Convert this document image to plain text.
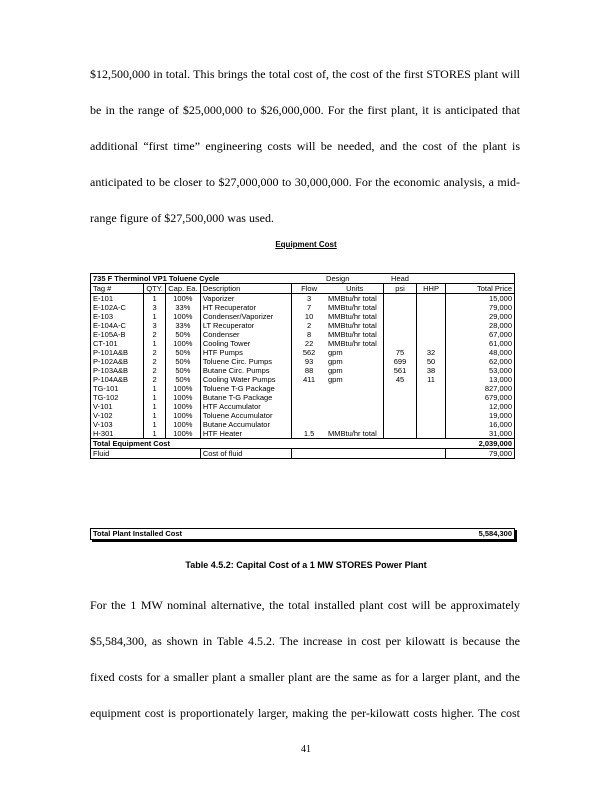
$12,500,000 in total. This brings the total cost of, the cost of the first STORES plant will
be in the range of $25,000,000 to $26,000,000. For the first plant, it is anticipated that
additional “first time” engineering costs will be needed, and the cost of the plant is
anticipated to be closer to $27,000,000 to 30,000,000. For the economic analysis, a mid-
range figure of $27,500,000 was used.
Equipment Cost
735 F Therminol VP1 Toluene Cycle				Design		Head		
Tag #	QTY.	Cap. Ea.	Description	Flow	Units	psi	HHP	Total Price
E-101	1	100%	Vaporizer	3	MMBtu/hr total			15,000
E-102A-C	3	33%	HT Recuperator	7	MMBtu/hr total			79,000
E-103	1	100%	Condenser/Vaporizer	10	MMBtu/hr total			29,000
E-104A-C	3	33%	LT Recuperator	2	MMBtu/hr total			28,000
E-105A-B	2	50%	Condenser	8	MMBtu/hr total			67,000
CT-101	1	100%	Cooling Tower	22	MMBtu/hr total			61,000
P-101A&B	2	50%	HTF Pumps	562	gpm	75	32	48,000
P-102A&B	2	50%	Toluene Circ. Pumps	93	gpm	699	50	62,000
P-103A&B	2	50%	Butane Circ. Pumps	88	gpm	561	38	53,000
P-104A&B	2	50%	Cooling Water Pumps	411	gpm	45	11	13,000
TG-101	1	100%	Toluene T-G Package					827,000
TG-102	1	100%	Butane T-G Package					679,000
V-101	1	100%	HTF Accumulator					12,000
V-102	1	100%	Toluene Accumulator					19,000
V-103	1	100%	Butane Accumulator					16,000
H-301	1	100%	HTF Heater	1.5	MMBtu/hr total			31,000
Total Equipment Cost								2,039,000
Fluid			Cost of fluid					79,000
Total Plant Installed Cost	5,584,300
Table 4.5.2: Capital Cost of a 1 MW STORES Power Plant
For the 1 MW nominal alternative, the total installed plant cost will be approximately
$5,584,300, as shown in Table 4.5.2. The increase in cost per kilowatt is because the
fixed costs for a smaller plant a smaller plant are the same as for a larger plant, and the
equipment cost is proportionately larger, making the per-kilowatt costs higher. The cost
41
